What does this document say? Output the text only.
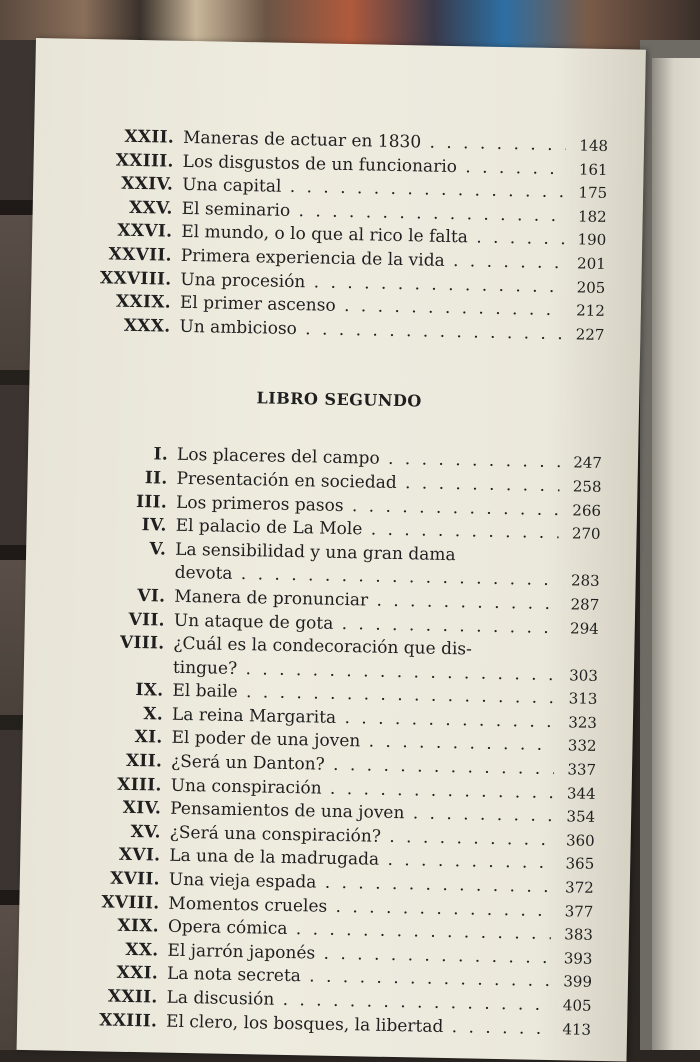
XXII. Maneras de actuar en 1830 . .	148
XXIII. Los disgustos de un funcionario . .	161
XXIV. Una capital . .	175
XXV. El seminario . .	182
XXVI. El mundo, o lo que al rico le falta . .	190
XXVII. Primera experiencia de la vida . .	201
XXVIII. Una procesión . .	205
XXIX. El primer ascenso . .	212
XXX. Un ambicioso . .	227
LIBRO SEGUNDO
I. Los placeres del campo . .	247
II. Presentación en sociedad . .	258
III. Los primeros pasos . .	266
IV. El palacio de La Mole . .	270
V. La sensibilidad y una gran dama
devota . .	283
VI. Manera de pronunciar . .	287
VII. Un ataque de gota . .	294
VIII. ¿Cuál es la condecoración que dis-
tingue? . .	303
IX. El baile . .	313
X. La reina Margarita . .	323
XI. El poder de una joven . .	332
XII. ¿Será un Danton? . .	337
XIII. Una conspiración . .	344
XIV. Pensamientos de una joven . .	354
XV. ¿Será una conspiración? . .	360
XVI. La una de la madrugada . .	365
XVII. Una vieja espada . .	372
XVIII. Momentos crueles . .	377
XIX. Opera cómica . .	383
XX. El jarrón japonés . .	393
XXI. La nota secreta . .	399
XXII. La discusión . .	405
XXIII. El clero, los bosques, la libertad . .	413
